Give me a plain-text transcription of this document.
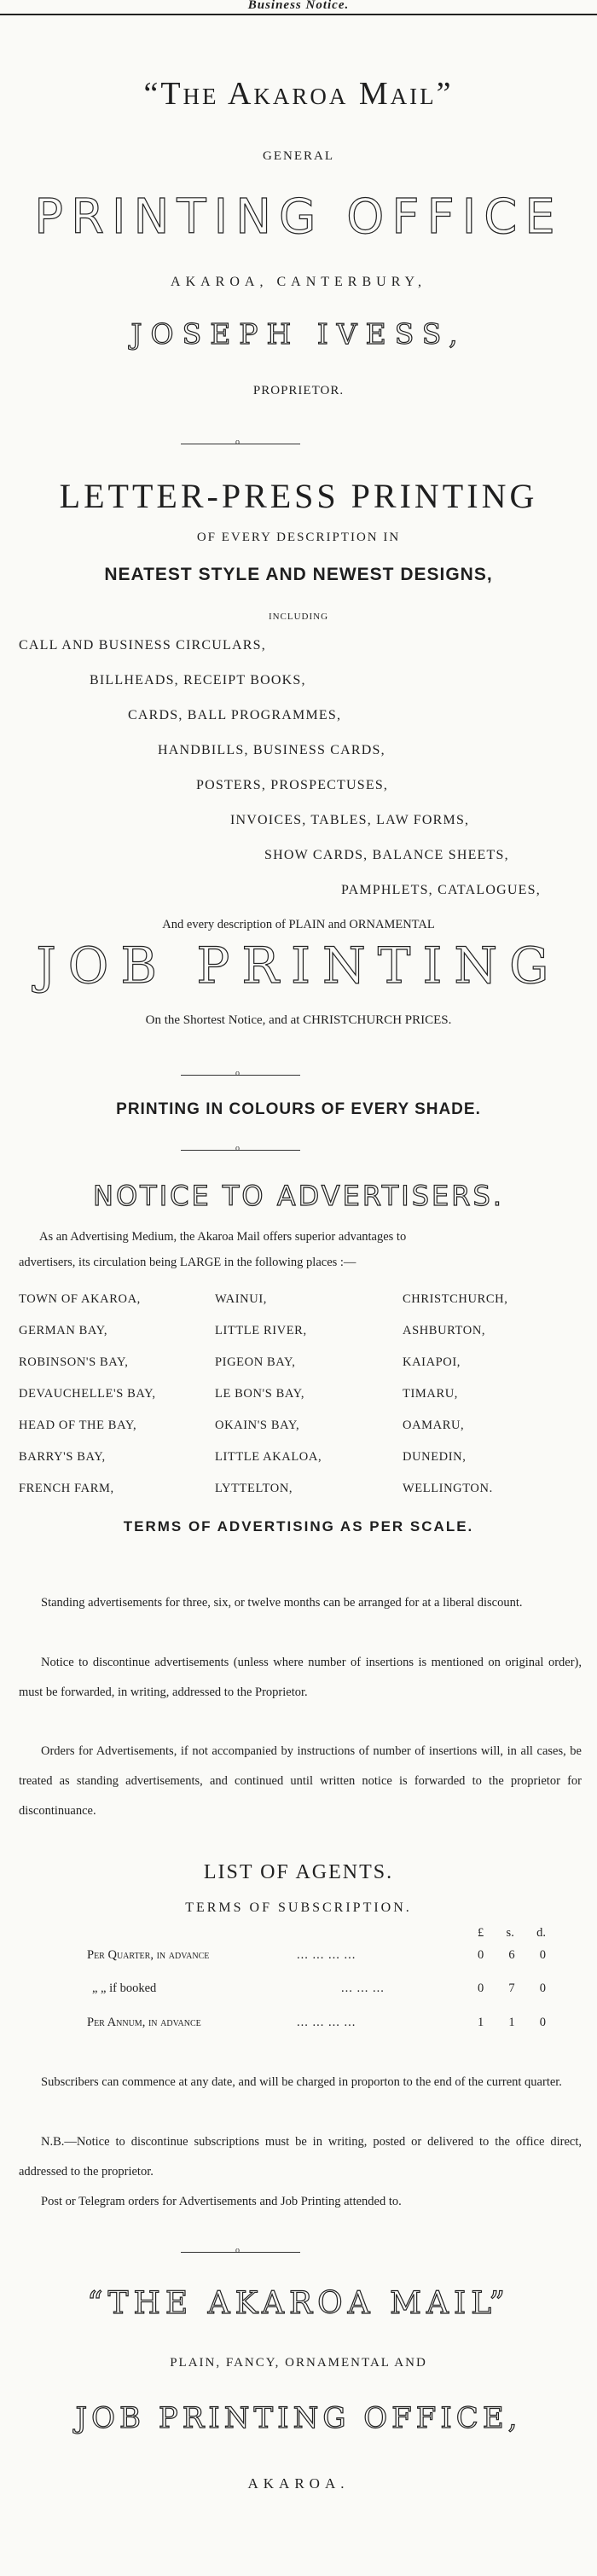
Business Notice.
“The Akaroa Mail”
GENERAL
PRINTING OFFICE
AKAROA, CANTERBURY,
JOSEPH IVESS,
PROPRIETOR.
o
LETTER-PRESS PRINTING
OF EVERY DESCRIPTION IN
NEATEST STYLE AND NEWEST DESIGNS,
INCLUDING
CALL AND BUSINESS CIRCULARS,
BILLHEADS, RECEIPT BOOKS,
CARDS, BALL PROGRAMMES,
HANDBILLS, BUSINESS CARDS,
POSTERS, PROSPECTUSES,
INVOICES, TABLES, LAW FORMS,
SHOW CARDS, BALANCE SHEETS,
PAMPHLETS, CATALOGUES,
And every description of PLAIN and ORNAMENTAL
JOB PRINTING
On the Shortest Notice, and at CHRISTCHURCH PRICES.
o
PRINTING IN COLOURS OF EVERY SHADE.
o
NOTICE TO ADVERTISERS.
As an Advertising Medium, the Akaroa Mail offers superior advantages to
advertisers, its circulation being LARGE in the following places :—
TOWN OF AKAROA,	WAINUI,	CHRISTCHURCH,
GERMAN BAY,	LITTLE RIVER,	ASHBURTON,
ROBINSON'S BAY,	PIGEON BAY,	KAIAPOI,
DEVAUCHELLE'S BAY,	LE BON'S BAY,	TIMARU,
HEAD OF THE BAY,	OKAIN'S BAY,	OAMARU,
BARRY'S BAY,	LITTLE AKALOA,	DUNEDIN,
FRENCH FARM,	LYTTELTON,	WELLINGTON.
TERMS OF ADVERTISING AS PER SCALE.
Standing advertisements for three, six, or twelve months can be arranged for at a liberal discount.
Notice to discontinue advertisements (unless where number of insertions is mentioned on original order), must be forwarded, in writing, addressed to the Proprietor.
Orders for Advertisements, if not accompanied by instructions of number of insertions will, in all cases, be treated as standing advertisements, and continued until written notice is forwarded to the proprietor for discontinuance.
LIST OF AGENTS.
TERMS OF SUBSCRIPTION.
£ s. d.
Per Quarter, in advance	... ... ... ...	0 6 0
„ „ if booked	... ... ...	0 7 0
Per Annum, in advance	... ... ... ...	1 1 0
Subscribers can commence at any date, and will be charged in proporton to the end of the current quarter.
N.B.—Notice to discontinue subscriptions must be in writing, posted or delivered to the office direct, addressed to the proprietor.
Post or Telegram orders for Advertisements and Job Printing attended to.
o
“THE AKAROA MAIL”
PLAIN, FANCY, ORNAMENTAL AND
JOB PRINTING OFFICE,
AKAROA.
